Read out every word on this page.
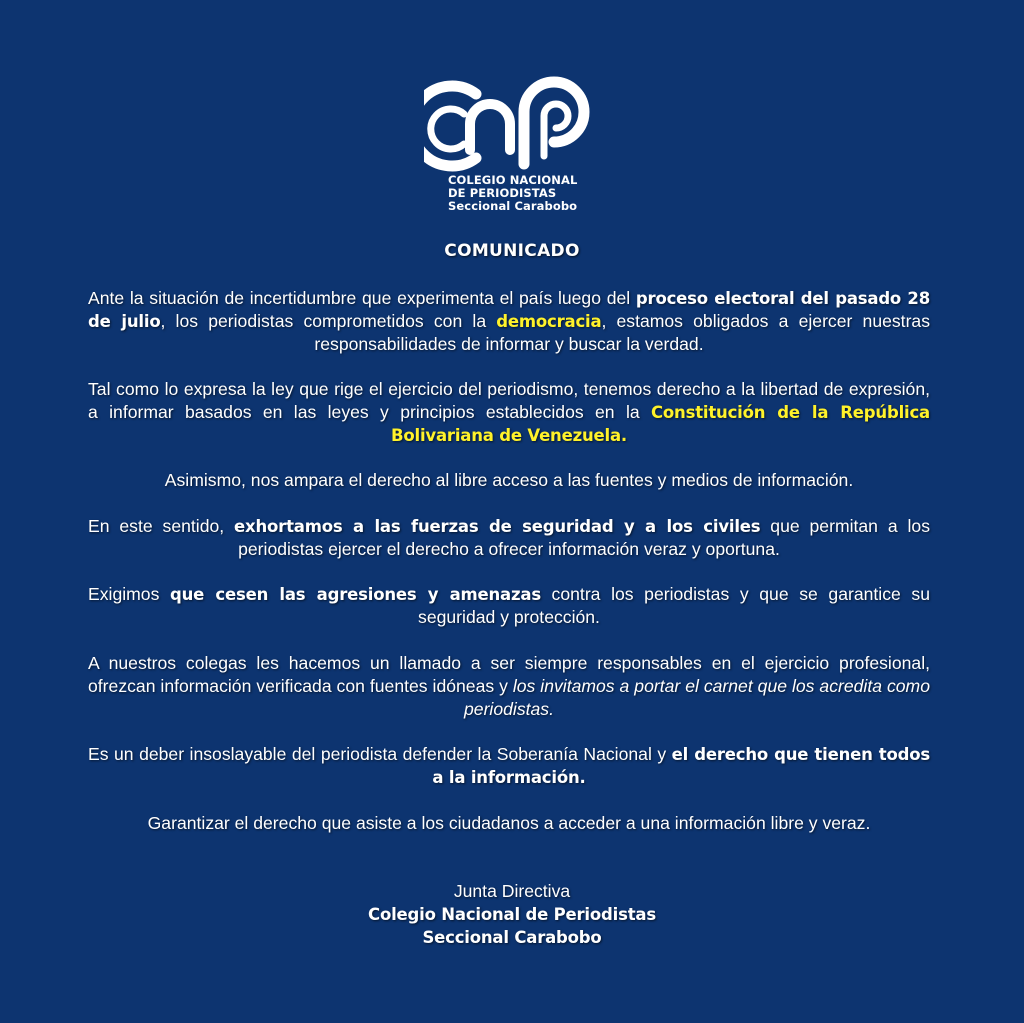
COLEGIO NACIONAL
DE PERIODISTAS
Seccional Carabobo
COMUNICADO
Ante la situación de incertidumbre que experimenta el país luego del proceso electoral del pasado 28 de julio, los periodistas comprometidos con la democracia, estamos obligados a ejercer nuestras responsabilidades de informar y buscar la verdad.
Tal como lo expresa la ley que rige el ejercicio del periodismo, tenemos derecho a la libertad de expresión, a informar basados en las leyes y principios establecidos en la Constitución de la República Bolivariana de Venezuela.
Asimismo, nos ampara el derecho al libre acceso a las fuentes y medios de información.
En este sentido, exhortamos a las fuerzas de seguridad y a los civiles que permitan a los periodistas ejercer el derecho a ofrecer información veraz y oportuna.
Exigimos que cesen las agresiones y amenazas contra los periodistas y que se garantice su seguridad y protección.
A nuestros colegas les hacemos un llamado a ser siempre responsables en el ejercicio profesional, ofrezcan información verificada con fuentes idóneas y los invitamos a portar el carnet que los acredita como periodistas.
Es un deber insoslayable del periodista defender la Soberanía Nacional y el derecho que tienen todos a la información.
Garantizar el derecho que asiste a los ciudadanos a acceder a una información libre y veraz.
Junta Directiva
Colegio Nacional de Periodistas
Seccional Carabobo
